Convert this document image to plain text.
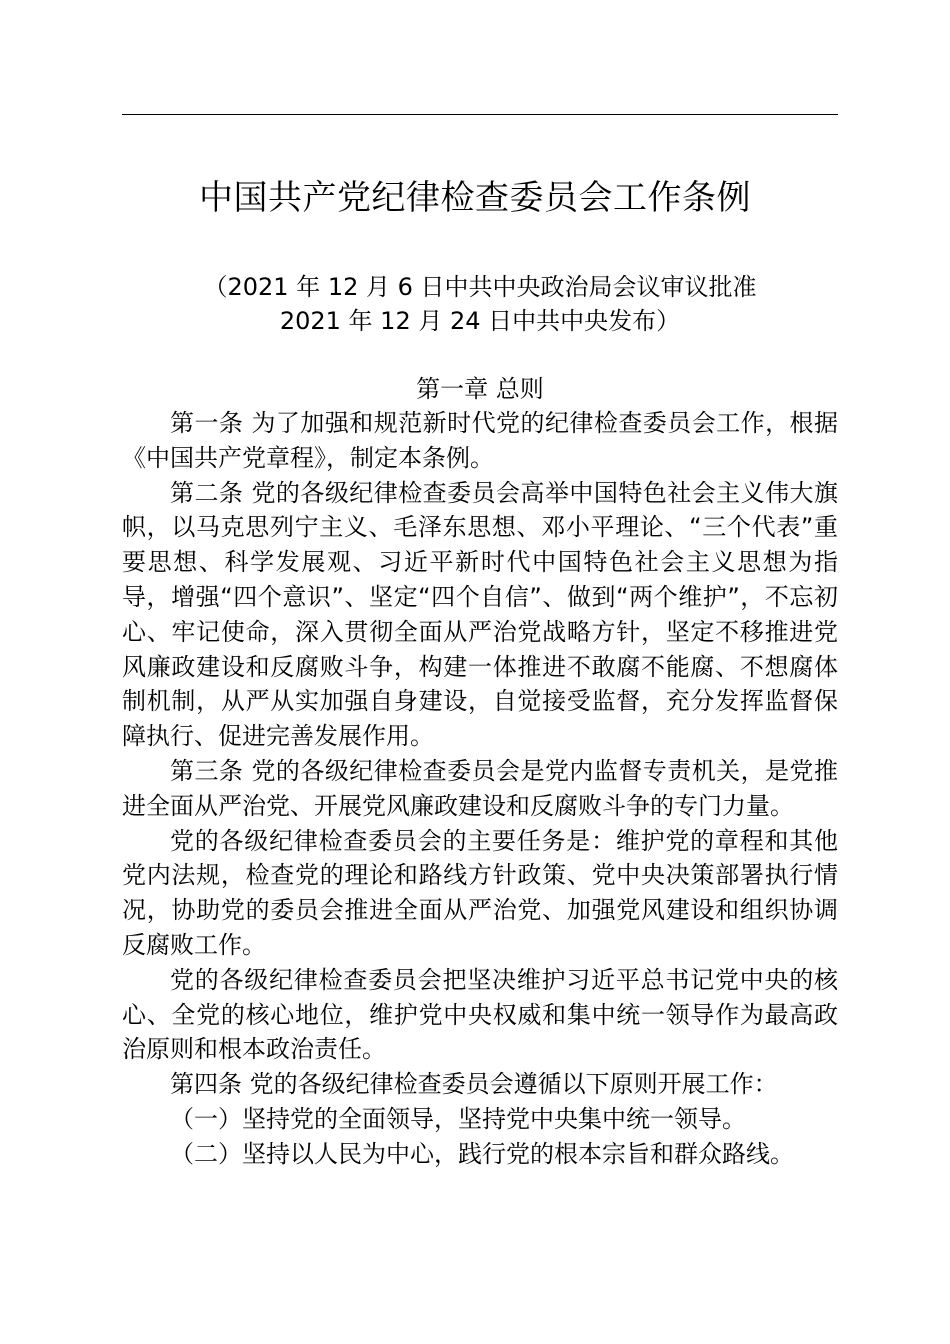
中国共产党纪律检查委员会工作条例
（2021 年 12 月 6 日中共中央政治局会议审议批准
2021 年 12 月 24 日中共中央发布）
第一章 总则

第一条 为了加强和规范新时代党的纪律检查委员会工作，根据《中国共产党章程》，制定本条例。

第二条 党的各级纪律检查委员会高举中国特色社会主义伟大旗帜，以马克思列宁主义、毛泽东思想、邓小平理论、“三个代表”重要思想、科学发展观、习近平新时代中国特色社会主义思想为指导，增强“四个意识”、坚定“四个自信”、做到“两个维护”，不忘初心、牢记使命，深入贯彻全面从严治党战略方针，坚定不移推进党风廉政建设和反腐败斗争，构建一体推进不敢腐不能腐、不想腐体制机制，从严从实加强自身建设，自觉接受监督，充分发挥监督保障执行、促进完善发展作用。

第三条 党的各级纪律检查委员会是党内监督专责机关，是党推进全面从严治党、开展党风廉政建设和反腐败斗争的专门力量。

党的各级纪律检查委员会的主要任务是：维护党的章程和其他党内法规，检查党的理论和路线方针政策、党中央决策部署执行情况，协助党的委员会推进全面从严治党、加强党风建设和组织协调反腐败工作。

党的各级纪律检查委员会把坚决维护习近平总书记党中央的核心、全党的核心地位，维护党中央权威和集中统一领导作为最高政治原则和根本政治责任。

第四条 党的各级纪律检查委员会遵循以下原则开展工作：

（一）坚持党的全面领导，坚持党中央集中统一领导。

（二）坚持以人民为中心，践行党的根本宗旨和群众路线。
